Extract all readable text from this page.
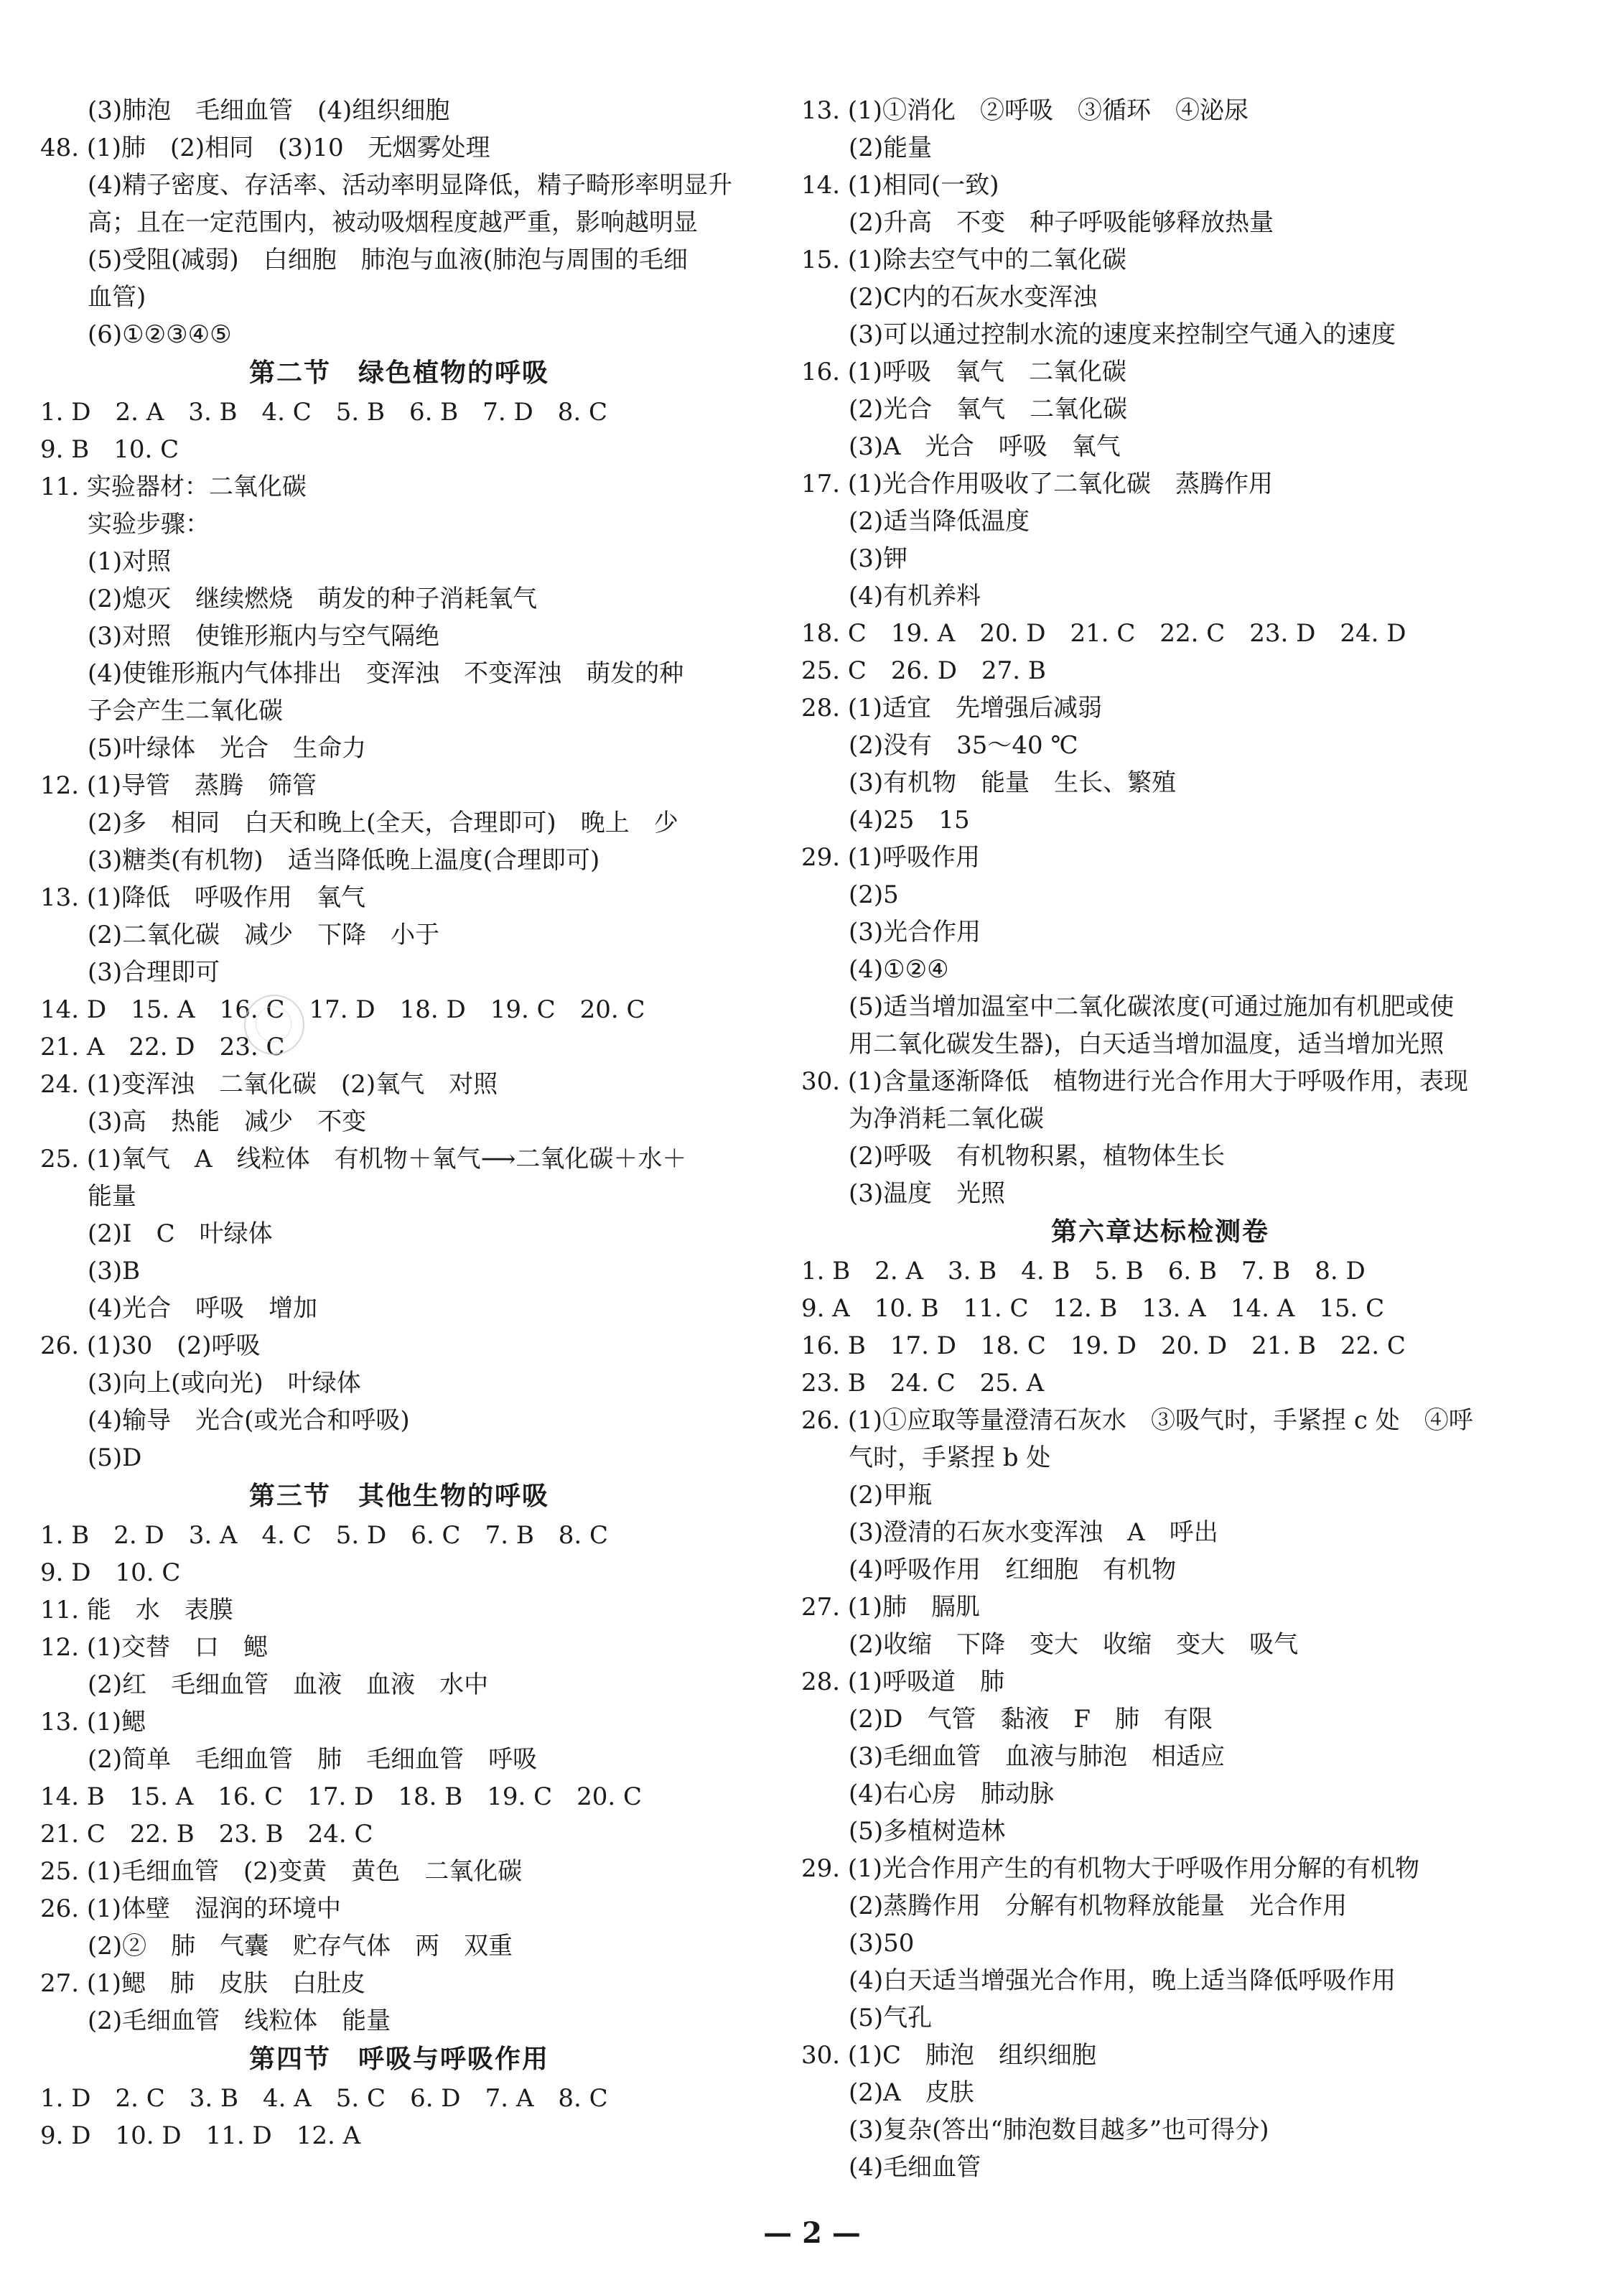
(3)肺泡　毛细血管　(4)组织细胞
48. (1)肺　(2)相同　(3)10　无烟雾处理
(4)精子密度、存活率、活动率明显降低，精子畸形率明显升
高；且在一定范围内，被动吸烟程度越严重，影响越明显
(5)受阻(减弱)　白细胞　肺泡与血液(肺泡与周围的毛细
血管)
(6)①②③④⑤
第二节　绿色植物的呼吸
1. D　2. A　3. B　4. C　5. B　6. B　7. D　8. C
9. B　10. C
11. 实验器材：二氧化碳
实验步骤：
(1)对照
(2)熄灭　继续燃烧　萌发的种子消耗氧气
(3)对照　使锥形瓶内与空气隔绝
(4)使锥形瓶内气体排出　变浑浊　不变浑浊　萌发的种
子会产生二氧化碳
(5)叶绿体　光合　生命力
12. (1)导管　蒸腾　筛管
(2)多　相同　白天和晚上(全天，合理即可)　晚上　少
(3)糖类(有机物)　适当降低晚上温度(合理即可)
13. (1)降低　呼吸作用　氧气
(2)二氧化碳　减少　下降　小于
(3)合理即可
14. D　15. A　16. C　17. D　18. D　19. C　20. C
21. A　22. D　23. C
24. (1)变浑浊　二氧化碳　(2)氧气　对照
(3)高　热能　减少　不变
25. (1)氧气　A　线粒体　有机物＋氧气⟶二氧化碳＋水＋
能量
(2)I　C　叶绿体
(3)B
(4)光合　呼吸　增加
26. (1)30　(2)呼吸
(3)向上(或向光)　叶绿体
(4)输导　光合(或光合和呼吸)
(5)D
第三节　其他生物的呼吸
1. B　2. D　3. A　4. C　5. D　6. C　7. B　8. C
9. D　10. C
11. 能　水　表膜
12. (1)交替　口　鳃
(2)红　毛细血管　血液　血液　水中
13. (1)鳃
(2)简单　毛细血管　肺　毛细血管　呼吸
14. B　15. A　16. C　17. D　18. B　19. C　20. C
21. C　22. B　23. B　24. C
25. (1)毛细血管　(2)变黄　黄色　二氧化碳
26. (1)体壁　湿润的环境中
(2)②　肺　气囊　贮存气体　两　双重
27. (1)鳃　肺　皮肤　白肚皮
(2)毛细血管　线粒体　能量
第四节　呼吸与呼吸作用
1. D　2. C　3. B　4. A　5. C　6. D　7. A　8. C
9. D　10. D　11. D　12. A
13. (1)①消化　②呼吸　③循环　④泌尿
(2)能量
14. (1)相同(一致)
(2)升高　不变　种子呼吸能够释放热量
15. (1)除去空气中的二氧化碳
(2)C内的石灰水变浑浊
(3)可以通过控制水流的速度来控制空气通入的速度
16. (1)呼吸　氧气　二氧化碳
(2)光合　氧气　二氧化碳
(3)A　光合　呼吸　氧气
17. (1)光合作用吸收了二氧化碳　蒸腾作用
(2)适当降低温度
(3)钾
(4)有机养料
18. C　19. A　20. D　21. C　22. C　23. D　24. D
25. C　26. D　27. B
28. (1)适宜　先增强后减弱
(2)没有　35～40 ℃
(3)有机物　能量　生长、繁殖
(4)25　15
29. (1)呼吸作用
(2)5
(3)光合作用
(4)①②④
(5)适当增加温室中二氧化碳浓度(可通过施加有机肥或使
用二氧化碳发生器)，白天适当增加温度，适当增加光照
30. (1)含量逐渐降低　植物进行光合作用大于呼吸作用，表现
为净消耗二氧化碳
(2)呼吸　有机物积累，植物体生长
(3)温度　光照
第六章达标检测卷
1. B　2. A　3. B　4. B　5. B　6. B　7. B　8. D
9. A　10. B　11. C　12. B　13. A　14. A　15. C
16. B　17. D　18. C　19. D　20. D　21. B　22. C
23. B　24. C　25. A
26. (1)①应取等量澄清石灰水　③吸气时，手紧捏 c 处　④呼
气时，手紧捏 b 处
(2)甲瓶
(3)澄清的石灰水变浑浊　A　呼出
(4)呼吸作用　红细胞　有机物
27. (1)肺　膈肌
(2)收缩　下降　变大　收缩　变大　吸气
28. (1)呼吸道　肺
(2)D　气管　黏液　F　肺　有限
(3)毛细血管　血液与肺泡　相适应
(4)右心房　肺动脉
(5)多植树造林
29. (1)光合作用产生的有机物大于呼吸作用分解的有机物
(2)蒸腾作用　分解有机物释放能量　光合作用
(3)50
(4)白天适当增强光合作用，晚上适当降低呼吸作用
(5)气孔
30. (1)C　肺泡　组织细胞
(2)A　皮肤
(3)复杂(答出“肺泡数目越多”也可得分)
(4)毛细血管
— 2 —
